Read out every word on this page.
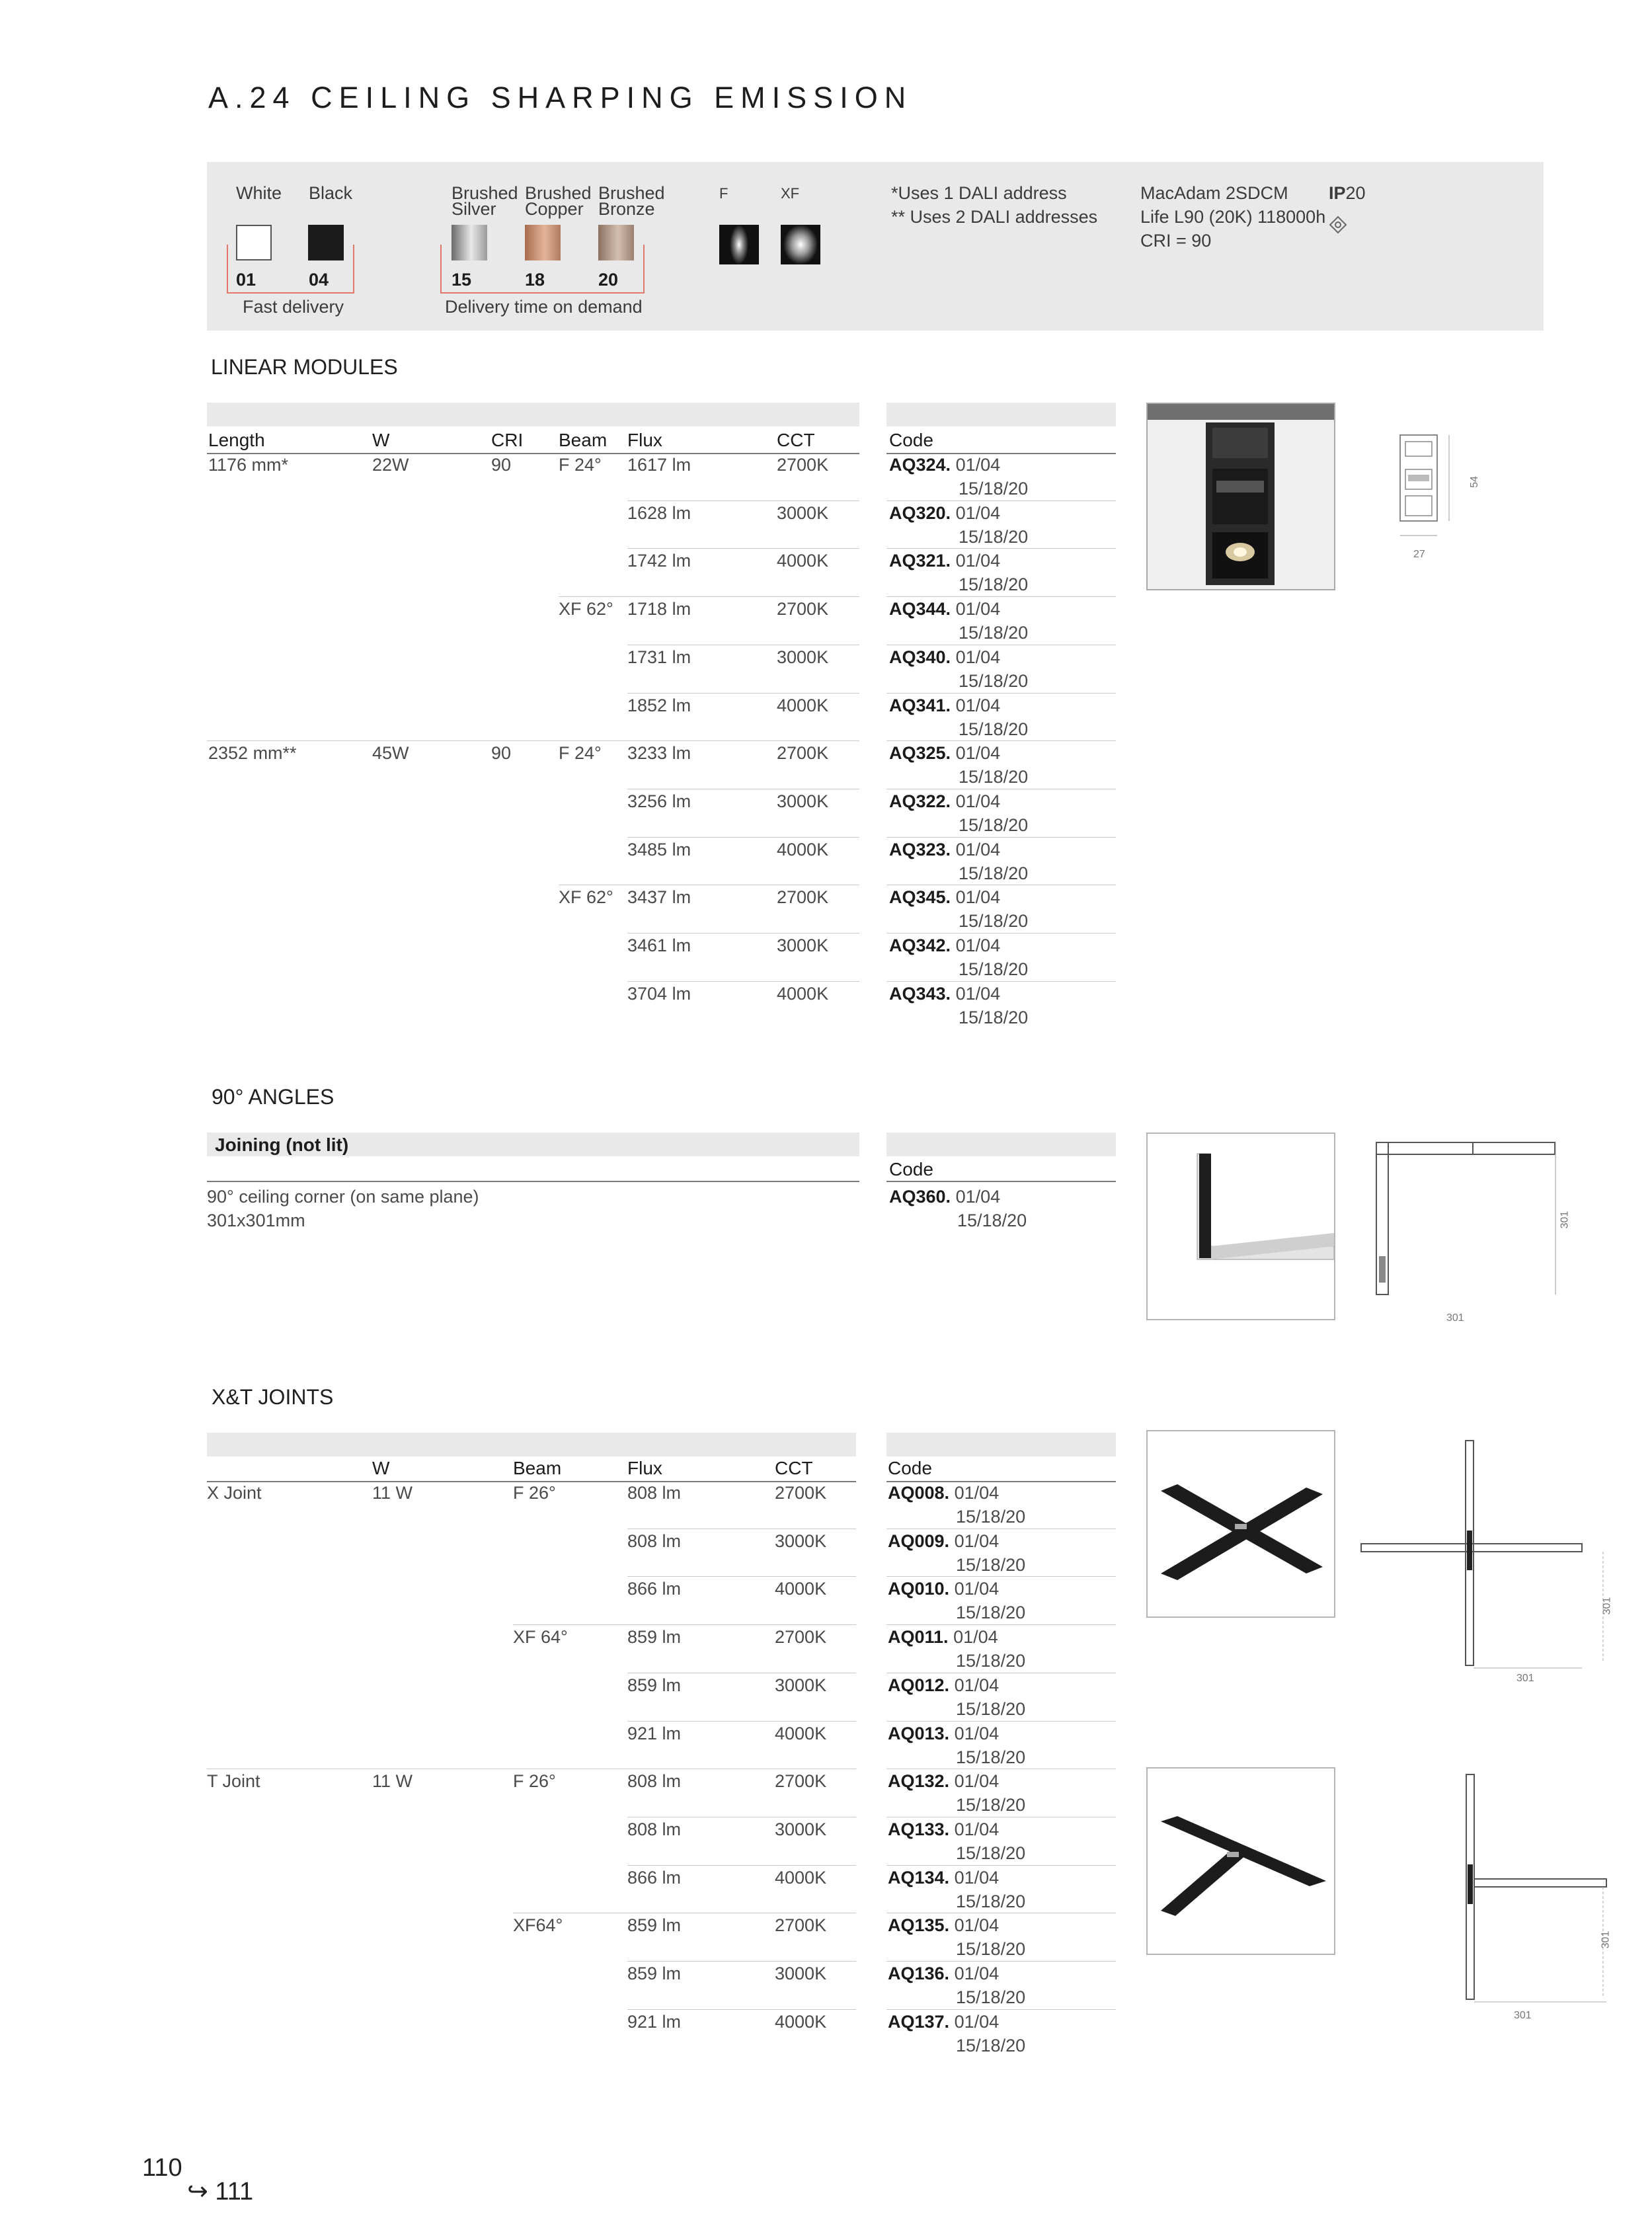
A.24 CEILING SHARPING EMISSION
White Black	Brushed
Silver
Brushed
Copper
Brushed
Bronze
F	XF
01	04	15	18	20
Fast delivery	Delivery time on demand
*Uses 1 DALI address
** Uses 2 DALI addresses
MacAdam 2SDCM
Life L90 (20K) 118000h
CRI = 90
IP20
LINEAR MODULES
Length	W	CRI Beam Flux	CCT	Code
1176 mm*	22W	90	F 24° 1617 lm	2700K	AQ324. 01/04
15/18/20
1628 lm	3000K	AQ320. 01/04
15/18/20
1742 lm	4000K	AQ321. 01/04
15/18/20
XF 62° 1718 lm	2700K	AQ344. 01/04
15/18/20
1731 lm	3000K	AQ340. 01/04
15/18/20
1852 lm	4000K	AQ341. 01/04
15/18/20
2352 mm**	45W	90	F 24° 3233 lm	2700K	AQ325. 01/04
15/18/20
3256 lm	3000K	AQ322. 01/04
15/18/20
3485 lm	4000K	AQ323. 01/04
15/18/20
XF 62° 3437 lm	2700K	AQ345. 01/04
15/18/20
3461 lm	3000K	AQ342. 01/04
15/18/20
3704 lm	4000K	AQ343. 01/04
15/18/20
54
27
90° ANGLES
Joining (not lit)
Code
90° ceiling corner (on same plane)
301x301mm
AQ360. 01/04
15/18/20	301
301
X&T JOINTS
W	Beam	Flux	CCT	Code
X Joint	11 W	F 26°	808 lm	2700K	AQ008. 01/04
15/18/20
808 lm	3000K	AQ009. 01/04
15/18/20
866 lm	4000K	AQ010. 01/04
15/18/20
XF 64°	859 lm	2700K	AQ011. 01/04
15/18/20
859 lm	3000K	AQ012. 01/04
15/18/20
921 lm	4000K	AQ013. 01/04
15/18/20
T Joint	11 W	F 26°	808 lm	2700K	AQ132. 01/04
15/18/20
808 lm	3000K	AQ133. 01/04
15/18/20
866 lm	4000K	AQ134. 01/04
15/18/20
XF64°	859 lm	2700K	AQ135. 01/04
15/18/20
859 lm	3000K	AQ136. 01/04
15/18/20
921 lm	4000K	AQ137. 01/04
15/18/20
301
301
301
301
110
↪ 111
